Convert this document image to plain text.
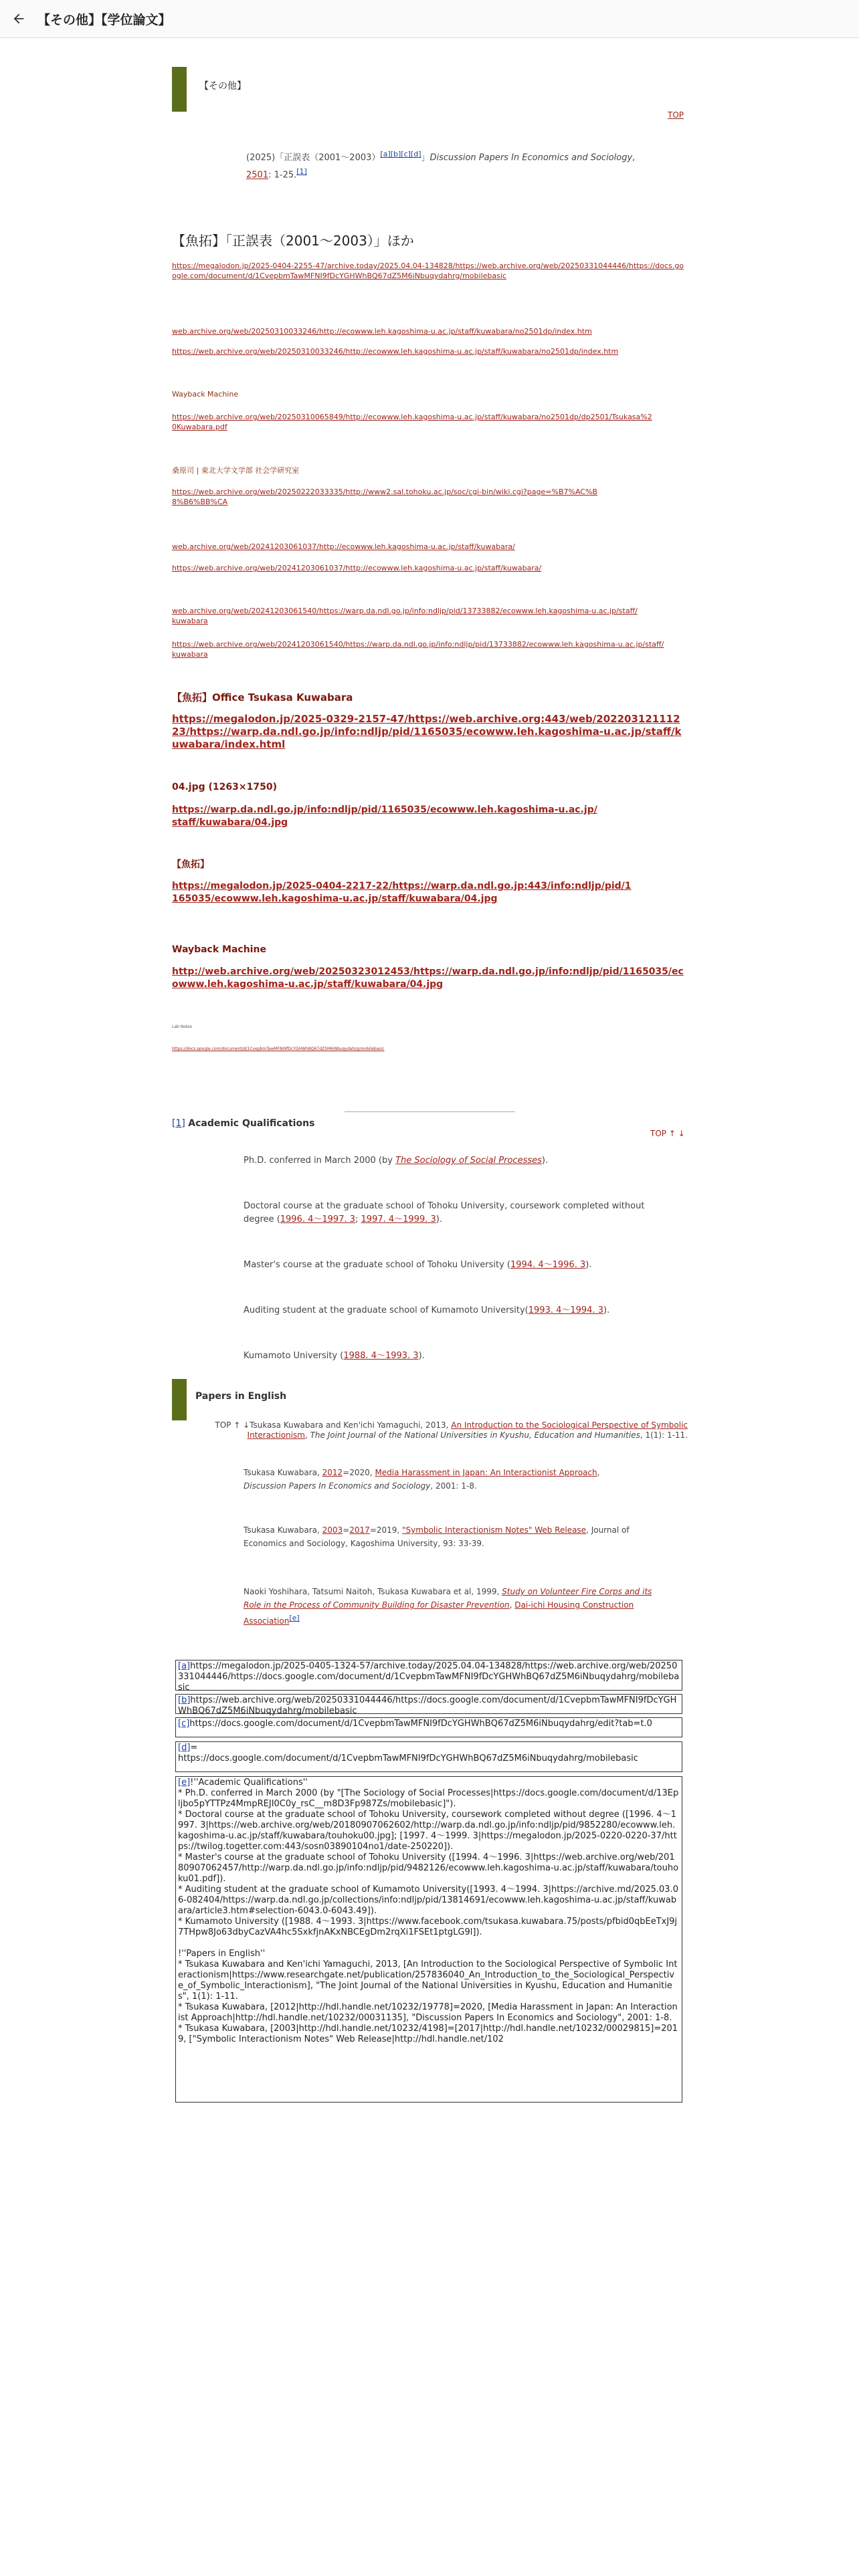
【その他】【学位論文】
【その他】
TOP
(2025)「正誤表（2001〜2003）[a][b][c][d]」Discussion Papers In Economics and Sociology, 2501: 1-25.[1]
【魚拓】「正誤表（2001〜2003）」ほか
https://megalodon.jp/2025-0404-2255-47/archive.today/2025.04.04-134828/https://web.archive.org/web/20250331044446/https://docs.google.com/document/d/1CvepbmTawMFNI9fDcYGHWhBQ67dZ5M6iNbuqydahrg/mobilebasic
web.archive.org/web/20250310033246/http://ecowww.leh.kagoshima-u.ac.jp/staff/kuwabara/no2501dp/index.htm
https://web.archive.org/web/20250310033246/http://ecowww.leh.kagoshima-u.ac.jp/staff/kuwabara/no2501dp/index.htm
Wayback Machine
https://web.archive.org/web/20250310065849/http://ecowww.leh.kagoshima-u.ac.jp/staff/kuwabara/no2501dp/dp2501/Tsukasa%20Kuwabara.pdf
桑原司 | 東北大学文学部 社会学研究室
https://web.archive.org/web/20250222033335/http://www2.sal.tohoku.ac.jp/soc/cgi-bin/wiki.cgi?page=%B7%AC%B8%B6%BB%CA
web.archive.org/web/20241203061037/http://ecowww.leh.kagoshima-u.ac.jp/staff/kuwabara/
https://web.archive.org/web/20241203061037/http://ecowww.leh.kagoshima-u.ac.jp/staff/kuwabara/
web.archive.org/web/20241203061540/https://warp.da.ndl.go.jp/info:ndljp/pid/13733882/ecowww.leh.kagoshima-u.ac.jp/staff/kuwabara
https://web.archive.org/web/20241203061540/https://warp.da.ndl.go.jp/info:ndljp/pid/13733882/ecowww.leh.kagoshima-u.ac.jp/staff/kuwabara
【魚拓】Office Tsukasa Kuwabara
https://megalodon.jp/2025-0329-2157-47/https://web.archive.org:443/web/20220312111223/https://warp.da.ndl.go.jp/info:ndljp/pid/1165035/ecowww.leh.kagoshima-u.ac.jp/staff/kuwabara/index.html
04.jpg (1263×1750)
https://warp.da.ndl.go.jp/info:ndljp/pid/1165035/ecowww.leh.kagoshima-u.ac.jp/staff/kuwabara/04.jpg
【魚拓】
https://megalodon.jp/2025-0404-2217-22/https://warp.da.ndl.go.jp:443/info:ndljp/pid/1165035/ecowww.leh.kagoshima-u.ac.jp/staff/kuwabara/04.jpg
Wayback Machine
http://web.archive.org/web/20250323012453/https://warp.da.ndl.go.jp/info:ndljp/pid/1165035/ecowww.leh.kagoshima-u.ac.jp/staff/kuwabara/04.jpg
Lab Notes
https://docs.google.com/document/d/1CvepbmTawMFNI9fDcYGHWhBQ67dZ5M6iNbuqydahrg/mobilebasic
[1] Academic Qualifications
TOP ↑ ↓
Ph.D. conferred in March 2000 (by The Sociology of Social Processes).
Doctoral course at the graduate school of Tohoku University, coursework completed without degree (1996. 4〜1997. 3; 1997. 4〜1999. 3).
Master's course at the graduate school of Tohoku University (1994. 4〜1996. 3).
Auditing student at the graduate school of Kumamoto University(1993. 4〜1994. 3).
Kumamoto University (1988. 4〜1993. 3).
Papers in English
TOP ↑ ↓Tsukasa Kuwabara and Ken'ichi Yamaguchi, 2013, An Introduction to the Sociological Perspective of Symbolic Interactionism, The Joint Journal of the National Universities in Kyushu, Education and Humanities, 1(1): 1-11.
Tsukasa Kuwabara, 2012=2020, Media Harassment in Japan: An Interactionist Approach, Discussion Papers In Economics and Sociology, 2001: 1-8.
Tsukasa Kuwabara, 2003=2017=2019, "Symbolic Interactionism Notes" Web Release, Journal of Economics and Sociology, Kagoshima University, 93: 33-39.
Naoki Yoshihara, Tatsumi Naitoh, Tsukasa Kuwabara et al, 1999, Study on Volunteer Fire Corps and its Role in the Process of Community Building for Disaster Prevention, Dai-ichi Housing Construction Association[e]
[a]https://megalodon.jp/2025-0405-1324-57/archive.today/2025.04.04-134828/https://web.archive.org/web/20250331044446/https://docs.google.com/document/d/1CvepbmTawMFNI9fDcYGHWhBQ67dZ5M6iNbuqydahrg/mobilebasic
[b]https://web.archive.org/web/20250331044446/https://docs.google.com/document/d/1CvepbmTawMFNI9fDcYGHWhBQ67dZ5M6iNbuqydahrg/mobilebasic
[c]https://docs.google.com/document/d/1CvepbmTawMFNI9fDcYGHWhBQ67dZ5M6iNbuqydahrg/edit?tab=t.0
[d]=
https://docs.google.com/document/d/1CvepbmTawMFNI9fDcYGHWhBQ67dZ5M6iNbuqydahrg/mobilebasic
[e]!''Academic Qualifications''
* Ph.D. conferred in March 2000 (by "[The Sociology of Social Processes|https://docs.google.com/document/d/13Epljbo5pYTTPz4MmpREJI0C0y_rsC__m8D3Fp987Zs/mobilebasic]").
* Doctoral course at the graduate school of Tohoku University, coursework completed without degree ([1996. 4〜1997. 3|https://web.archive.org/web/20180907062602/http://warp.da.ndl.go.jp/info:ndljp/pid/9852280/ecowww.leh.kagoshima-u.ac.jp/staff/kuwabara/touhoku00.jpg]; [1997. 4〜1999. 3|https://megalodon.jp/2025-0220-0220-37/https://twilog.togetter.com:443/sosn03890104no1/date-250220]).
* Master's course at the graduate school of Tohoku University ([1994. 4〜1996. 3|https://web.archive.org/web/20180907062457/http://warp.da.ndl.go.jp/info:ndljp/pid/9482126/ecowww.leh.kagoshima-u.ac.jp/staff/kuwabara/touhoku01.pdf]).
* Auditing student at the graduate school of Kumamoto University([1993. 4〜1994. 3|https://archive.md/2025.03.06-082404/https://warp.da.ndl.go.jp/collections/info:ndljp/pid/13814691/ecowww.leh.kagoshima-u.ac.jp/staff/kuwabara/article3.htm#selection-6043.0-6043.49]).
* Kumamoto University ([1988. 4〜1993. 3|https://www.facebook.com/tsukasa.kuwabara.75/posts/pfbid0qbEeTxJ9j7THpw8Jo63dbyCazVA4hc5SxkfjnAKxNBCEgDm2rqXi1FSEt1ptgLG9l]).

!''Papers in English''
* Tsukasa Kuwabara and Ken'ichi Yamaguchi, 2013, [An Introduction to the Sociological Perspective of Symbolic Interactionism|https://www.researchgate.net/publication/257836040_An_Introduction_to_the_Sociological_Perspective_of_Symbolic_Interactionism], "The Joint Journal of the National Universities in Kyushu, Education and Humanities", 1(1): 1-11.
* Tsukasa Kuwabara, [2012|http://hdl.handle.net/10232/19778]=2020, [Media Harassment in Japan: An Interactionist Approach|http://hdl.handle.net/10232/00031135], "Discussion Papers In Economics and Sociology", 2001: 1-8.
* Tsukasa Kuwabara, [2003|http://hdl.handle.net/10232/4198]=[2017|http://hdl.handle.net/10232/00029815]=2019, ["Symbolic Interactionism Notes" Web Release|http://hdl.handle.net/102
